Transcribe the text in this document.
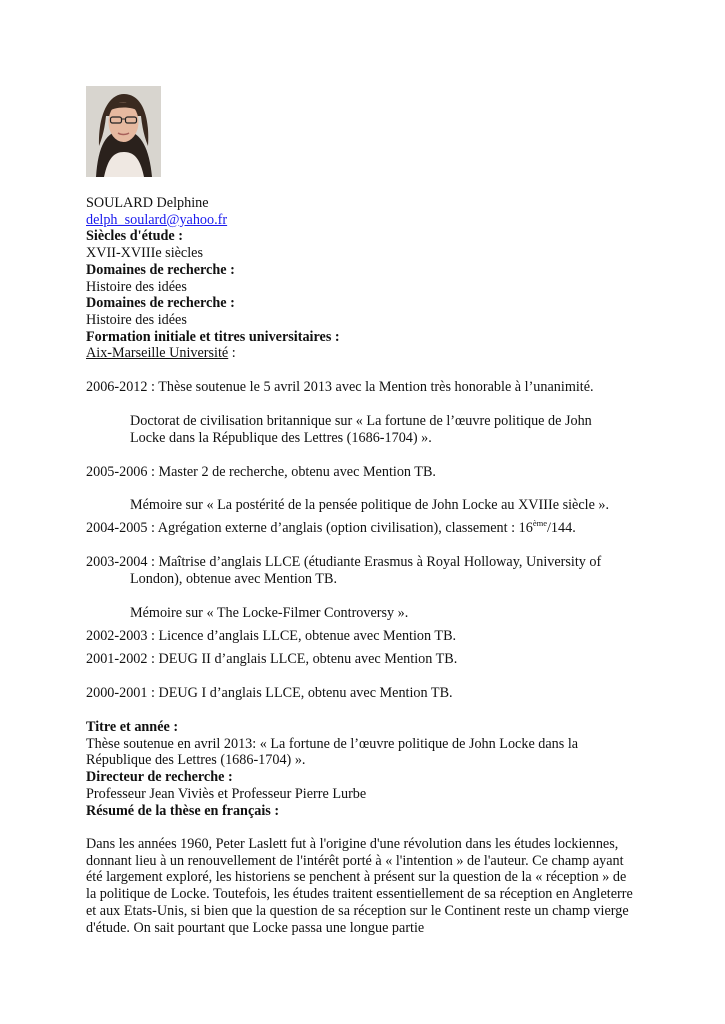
SOULARD Delphine
delph_soulard@yahoo.fr
Siècles d'étude :
XVII-XVIIIe siècles
Domaines de recherche :
Histoire des idées
Domaines de recherche :
Histoire des idées
Formation initiale et titres universitaires :
Aix-Marseille Université :
2006-2012 : Thèse soutenue le 5 avril 2013 avec la Mention très honorable à l’unanimité.
Doctorat de civilisation britannique sur « La fortune de l’œuvre politique de John Locke dans la République des Lettres (1686-1704) ».
2005-2006 : Master 2 de recherche, obtenu avec Mention TB.
Mémoire sur « La postérité de la pensée politique de John Locke au XVIIIe siècle ».
2004-2005 : Agrégation externe d’anglais (option civilisation), classement : 16ème/144.
2003-2004 : Maîtrise d’anglais LLCE (étudiante Erasmus à Royal Holloway, University of London), obtenue avec Mention TB.
Mémoire sur « The Locke-Filmer Controversy ».
2002-2003 : Licence d’anglais LLCE, obtenue avec Mention TB.
2001-2002 : DEUG II d’anglais LLCE, obtenu avec Mention TB.
2000-2001 : DEUG I d’anglais LLCE, obtenu avec Mention TB.
Titre et année :
Thèse soutenue en avril 2013: « La fortune de l’œuvre politique de John Locke dans la République des Lettres (1686-1704) ».
Directeur de recherche :
Professeur Jean Viviès et Professeur Pierre Lurbe
Résumé de la thèse en français :
Dans les années 1960, Peter Laslett fut à l'origine d'une révolution dans les études lockiennes, donnant lieu à un renouvellement de l'intérêt porté à « l'intention » de l'auteur. Ce champ ayant été largement exploré, les historiens se penchent à présent sur la question de la « réception » de la politique de Locke. Toutefois, les études traitent essentiellement de sa réception en Angleterre et aux Etats-Unis, si bien que la question de sa réception sur le Continent reste un champ vierge d'étude. On sait pourtant que Locke passa une longue partie
